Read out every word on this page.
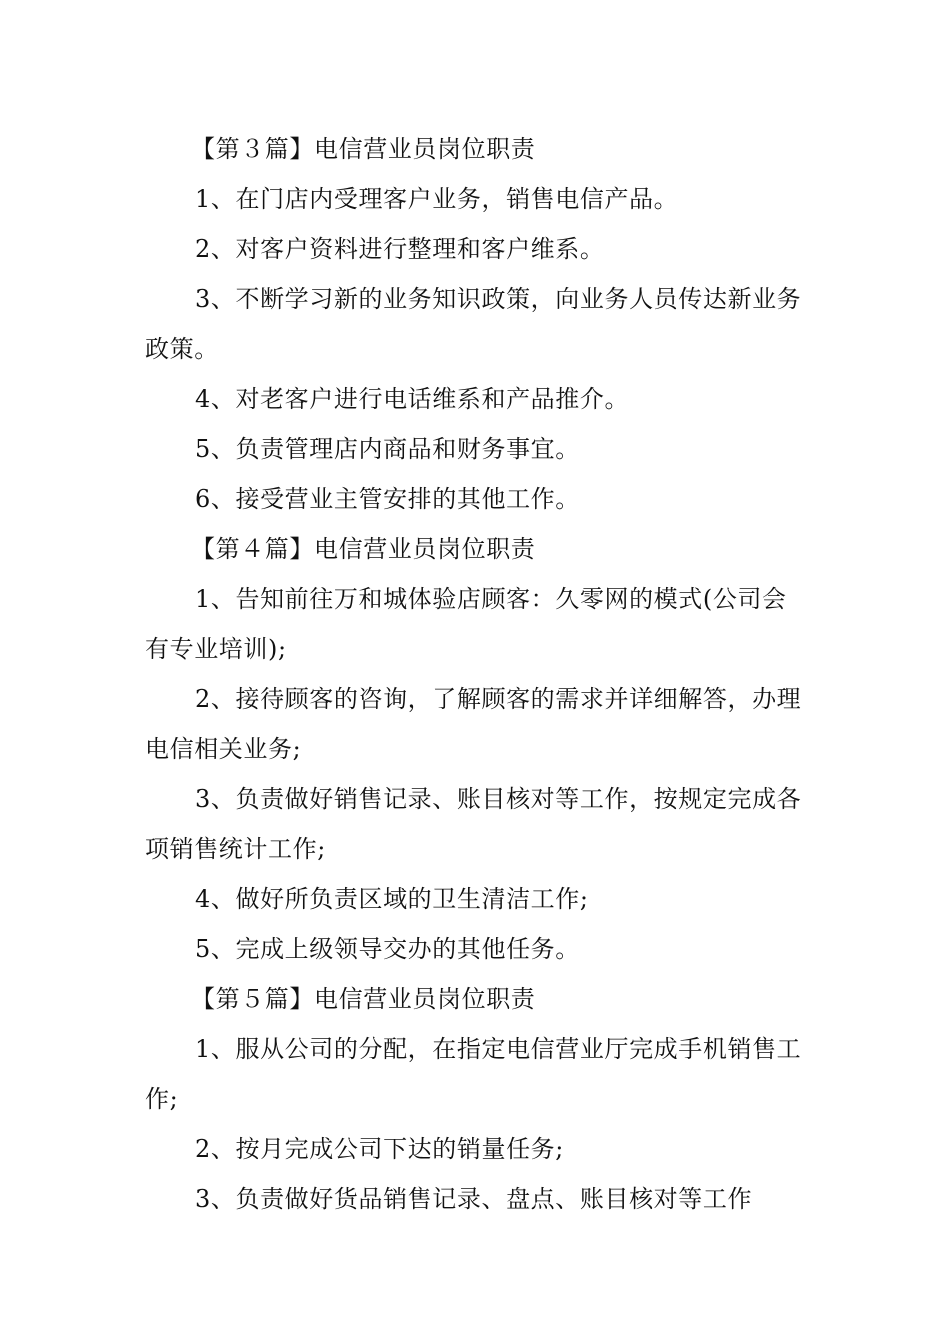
【第３篇】电信营业员岗位职责

1、在门店内受理客户业务，销售电信产品。

2、对客户资料进行整理和客户维系。

3、不断学习新的业务知识政策，向业务人员传达新业务政策。

4、对老客户进行电话维系和产品推介。

5、负责管理店内商品和财务事宜。

6、接受营业主管安排的其他工作。

【第４篇】电信营业员岗位职责

1、告知前往万和城体验店顾客：久零网的模式(公司会有专业培训);

2、接待顾客的咨询，了解顾客的需求并详细解答，办理电信相关业务;

3、负责做好销售记录、账目核对等工作，按规定完成各项销售统计工作;

4、做好所负责区域的卫生清洁工作;

5、完成上级领导交办的其他任务。

【第５篇】电信营业员岗位职责

1、服从公司的分配，在指定电信营业厅完成手机销售工作;

2、按月完成公司下达的销量任务;

3、负责做好货品销售记录、盘点、账目核对等工作
